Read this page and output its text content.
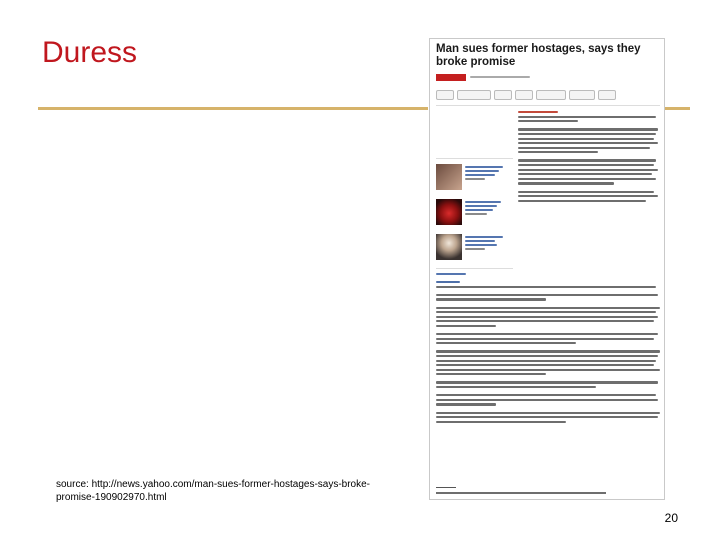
Duress	Man sues former hostages, says they broke promise
source: http://news.yahoo.com/man-sues-former-hostages-says-broke-promise-190902970.html
20
